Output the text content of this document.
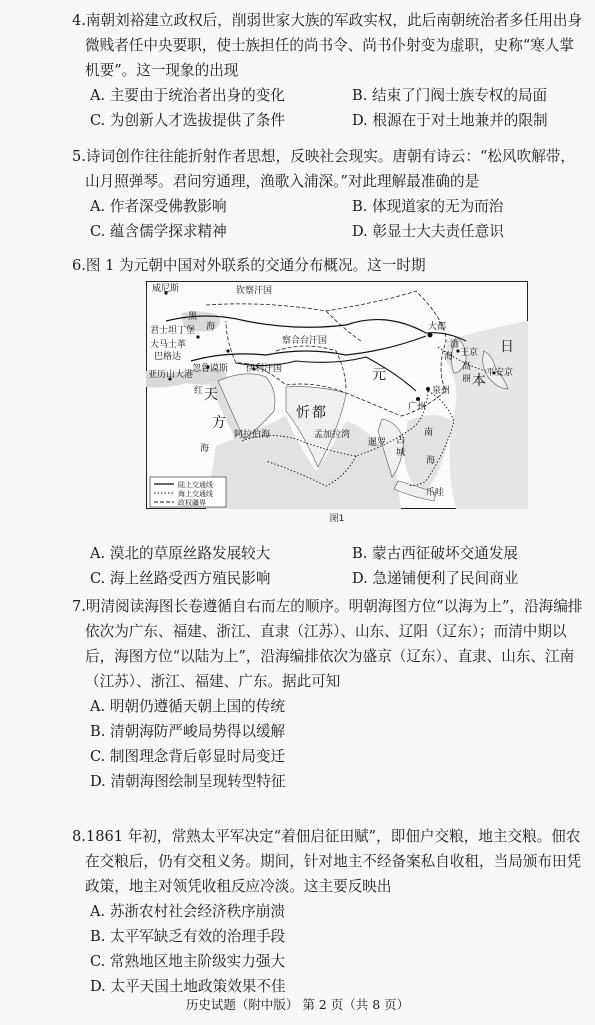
4.南朝刘裕建立政权后，削弱世家大族的军政实权，此后南朝统治者多任用出身微贱者任中央要职，使士族担任的尚书令、尚书仆射变为虚职，史称“寒人掌机要”。这一现象的出现

A. 主要由于统治者出身的变化	B. 结束了门阀士族专权的局面
C. 为创新人才选拔提供了条件	D. 根源在于对土地兼并的限制

5.诗词创作往往能折射作者思想，反映社会现实。唐朝有诗云：“松风吹解带，山月照弹琴。君问穷通理，渔歌入浦深。”对此理解最准确的是

A. 作者深受佛教影响	B. 体现道家的无为而治
C. 蕴含儒学探求精神	D. 彰显士大夫责任意识

6.图 1 为元朝中国对外联系的交通分布概况。这一时期

威尼斯	钦察汗国
黑
海
君士坦丁堡
察合台汗国
大都
渤
海
日
本
王京
高
丽
平安京
大马士革
巴格达
忽鲁谟斯 伊利汗国
亚历山大港	元
泉州
广州
红
海
天
方
忻 都
阿拉伯海	孟加拉湾
暹罗 占
城
南
海
爪哇
陆上交通线
海上交通线
政权疆界
图1
A. 漠北的草原丝路发展较大	B. 蒙古西征破坏交通发展
C. 海上丝路受西方殖民影响	D. 急递铺便利了民间商业

7.明清阅读海图长卷遵循自右而左的顺序。明朝海图方位“以海为上”，沿海编排依次为广东、福建、浙江、直隶（江苏）、山东、辽阳（辽东）；而清中期以后，海图方位“以陆为上”，沿海编排依次为盛京（辽东）、直隶、山东、江南（江苏）、浙江、福建、广东。据此可知

A. 明朝仍遵循天朝上国的传统
B. 清朝海防严峻局势得以缓解
C. 制图理念背后彰显时局变迁
D. 清朝海图绘制呈现转型特征

8.1861 年初，常熟太平军决定“着佃启征田赋”，即佃户交粮，地主交粮。佃农在交粮后，仍有交租义务。期间，针对地主不经备案私自收租，当局颁布田凭政策，地主对领凭收租反应冷淡。这主要反映出

A. 苏浙农村社会经济秩序崩溃
B. 太平军缺乏有效的治理手段
C. 常熟地区地主阶级实力强大
D. 太平天国土地政策效果不佳
历史试题（附中版） 第 2 页（共 8 页）
